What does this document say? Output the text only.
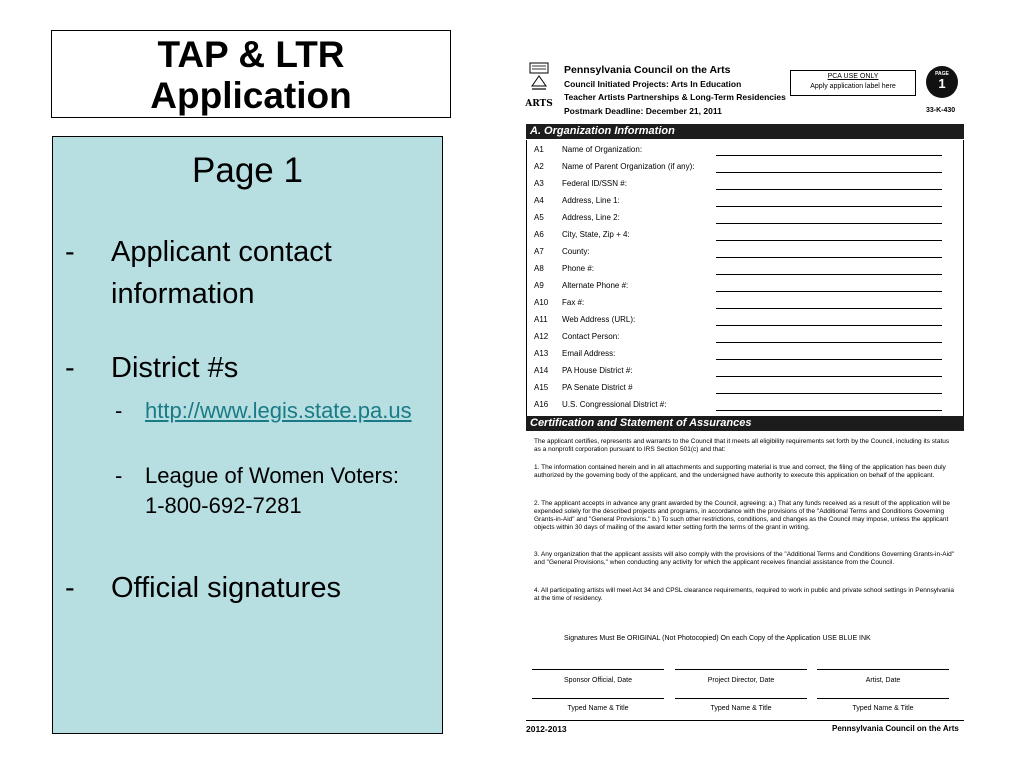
TAP & LTR
Application
Page 1
- Applicant contact information
- District #s
- http://www.legis.state.pa.us
- League of Women Voters: 1-800-692-7281
- Official signatures
ARTS
Pennsylvania Council on the Arts
Council Initiated Projects: Arts In Education
Teacher Artists Partnerships & Long-Term Residencies
Postmark Deadline: December 21, 2011
PCA USE ONLY
Apply application label here
PAGE
1
33-K-430
A. Organization Information
A1 Name of Organization:
A2 Name of Parent Organization (if any):
A3 Federal ID/SSN #:
A4 Address, Line 1:
A5 Address, Line 2:
A6 City, State, Zip + 4:
A7 County:
A8 Phone #:
A9 Alternate Phone #:
A10 Fax #:
A11 Web Address (URL):
A12 Contact Person:
A13 Email Address:
A14 PA House District #:
A15 PA Senate District #
A16 U.S. Congressional District #:
Certification and Statement of Assurances
The applicant certifies, represents and warrants to the Council that it meets all eligibility requirements set forth by the Council, including its status as a nonprofit corporation pursuant to IRS Section 501(c) and that:
1. The information contained herein and in all attachments and supporting material is true and correct, the filing of the application has been duly authorized by the governing body of the applicant, and the undersigned have authority to execute this application on behalf of the applicant.
2. The applicant accepts in advance any grant awarded by the Council, agreeing: a.) That any funds received as a result of the application will be expended solely for the described projects and programs, in accordance with the provisions of the "Additional Terms and Conditions Governing Grants-in-Aid" and "General Provisions." b.) To such other restrictions, conditions, and changes as the Council may impose, unless the applicant objects within 30 days of mailing of the award letter setting forth the terms of the grant in writing.
3. Any organization that the applicant assists will also comply with the provisions of the "Additional Terms and Conditions Governing Grants-in-Aid" and "General Provisions," when conducting any activity for which the applicant receives financial assistance from the Council.
4. All participating artists will meet Act 34 and CPSL clearance requirements, required to work in public and private school settings in Pennsylvania at the time of residency.
Signatures Must Be ORIGINAL (Not Photocopied) On each Copy of the Application USE BLUE INK
Sponsor Official, Date	Project Director, Date	Artist, Date
Typed Name & Title	Typed Name & Title	Typed Name & Title
2012-2013	Pennsylvania Council on the Arts
